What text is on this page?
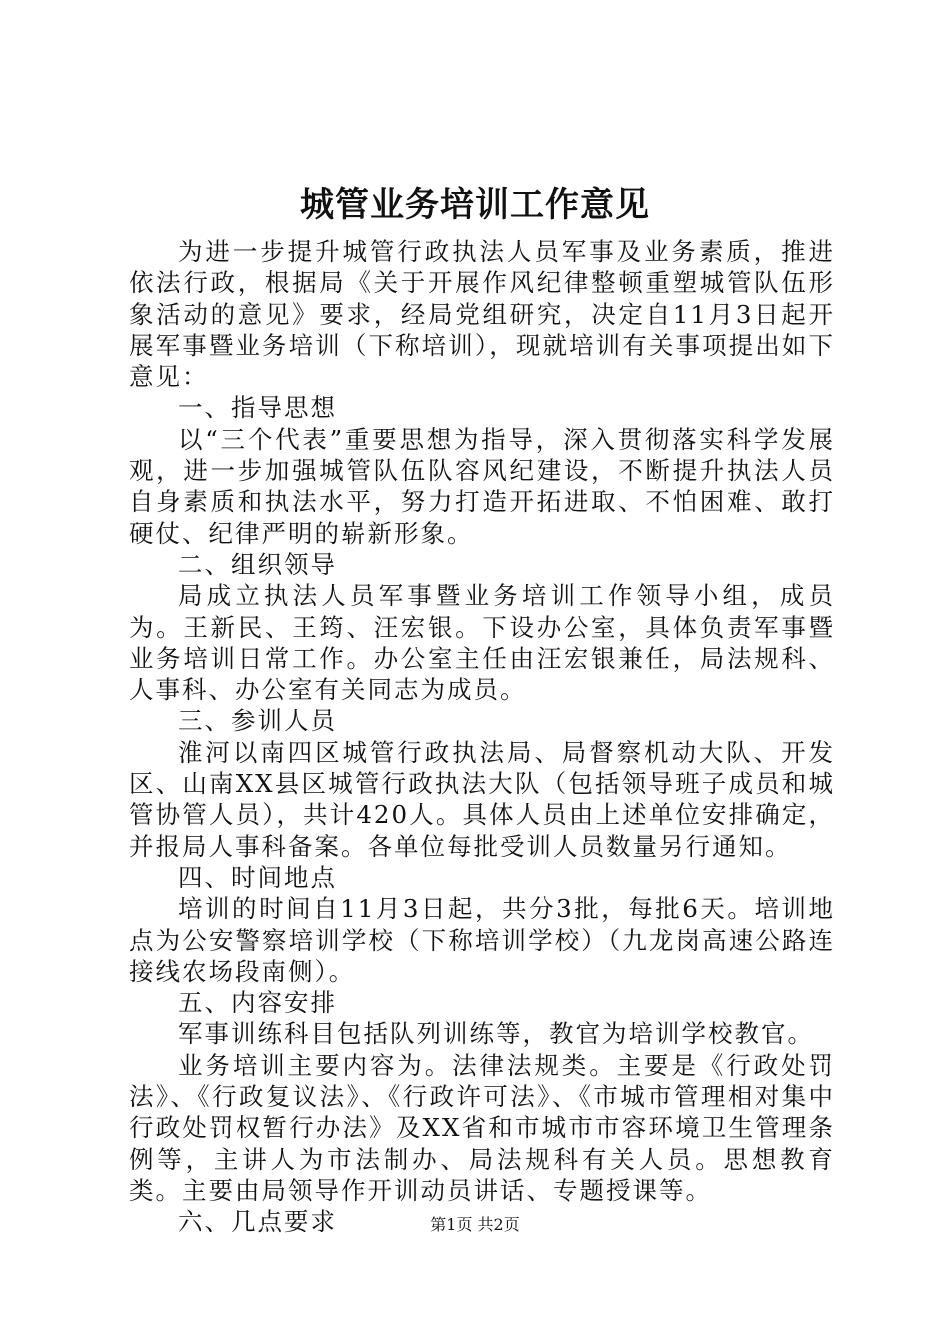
城管业务培训工作意见

为进一步提升城管行政执法人员军事及业务素质，推进依法行政，根据局《关于开展作风纪律整顿重塑城管队伍形象活动的意见》要求，经局党组研究，决定自11月3日起开展军事暨业务培训（下称培训），现就培训有关事项提出如下意见：

一、指导思想

以“三个代表”重要思想为指导，深入贯彻落实科学发展观，进一步加强城管队伍队容风纪建设，不断提升执法人员自身素质和执法水平，努力打造开拓进取、不怕困难、敢打硬仗、纪律严明的崭新形象。

二、组织领导

局成立执法人员军事暨业务培训工作领导小组，成员为。王新民、王筠、汪宏银。下设办公室，具体负责军事暨业务培训日常工作。办公室主任由汪宏银兼任，局法规科、人事科、办公室有关同志为成员。

三、参训人员

淮河以南四区城管行政执法局、局督察机动大队、开发区、山南XX县区城管行政执法大队（包括领导班子成员和城管协管人员），共计420人。具体人员由上述单位安排确定，并报局人事科备案。各单位每批受训人员数量另行通知。

四、时间地点

培训的时间自11月3日起，共分3批，每批6天。培训地点为公安警察培训学校（下称培训学校）（九龙岗高速公路连接线农场段南侧）。

五、内容安排

军事训练科目包括队列训练等，教官为培训学校教官。

业务培训主要内容为。法律法规类。主要是《行政处罚法》、《行政复议法》、《行政许可法》、《市城市管理相对集中行政处罚权暂行办法》及XX省和市城市市容环境卫生管理条例等，主讲人为市法制办、局法规科有关人员。思想教育类。主要由局领导作开训动员讲话、专题授课等。

六、几点要求	第1页 共2页
